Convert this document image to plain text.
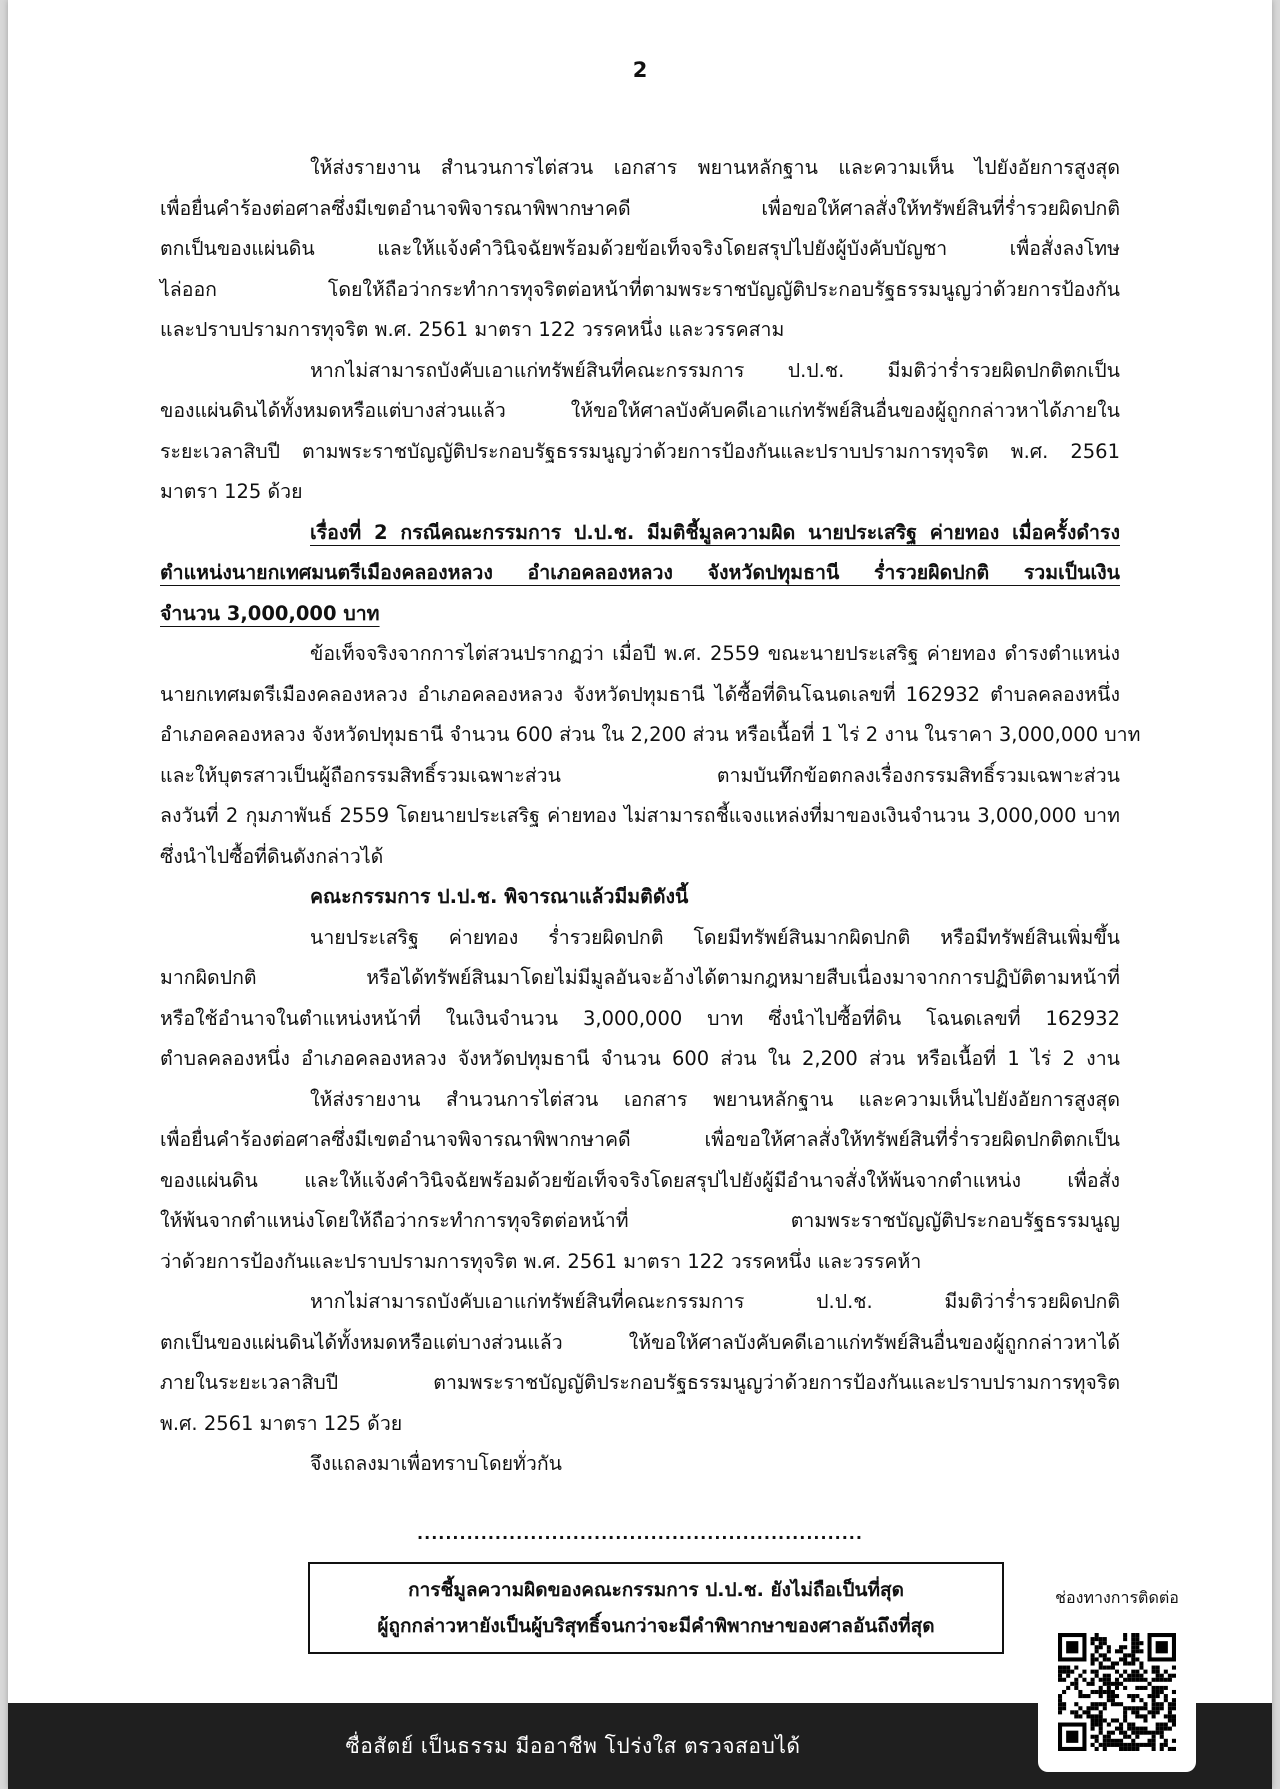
2

ให้ส่งรายงาน สำนวนการไต่สวน เอกสาร พยานหลักฐาน และความเห็น ไปยังอัยการสูงสุด
เพื่อยื่นคำร้องต่อศาลซึ่งมีเขตอำนาจพิจารณาพิพากษาคดี เพื่อขอให้ศาลสั่งให้ทรัพย์สินที่ร่ำรวยผิดปกติ
ตกเป็นของแผ่นดิน และให้แจ้งคำวินิจฉัยพร้อมด้วยข้อเท็จจริงโดยสรุปไปยังผู้บังคับบัญชา เพื่อสั่งลงโทษ
ไล่ออก โดยให้ถือว่ากระทำการทุจริตต่อหน้าที่ตามพระราชบัญญัติประกอบรัฐธรรมนูญว่าด้วยการป้องกัน
และปราบปรามการทุจริต พ.ศ. 2561 มาตรา 122 วรรคหนึ่ง และวรรคสาม

หากไม่สามารถบังคับเอาแก่ทรัพย์สินที่คณะกรรมการ ป.ป.ช. มีมติว่าร่ำรวยผิดปกติตกเป็น
ของแผ่นดินได้ทั้งหมดหรือแต่บางส่วนแล้ว ให้ขอให้ศาลบังคับคดีเอาแก่ทรัพย์สินอื่นของผู้ถูกกล่าวหาได้ภายใน
ระยะเวลาสิบปี ตามพระราชบัญญัติประกอบรัฐธรรมนูญว่าด้วยการป้องกันและปราบปรามการทุจริต พ.ศ. 2561
มาตรา 125 ด้วย

เรื่องที่ 2 กรณีคณะกรรมการ ป.ป.ช. มีมติชี้มูลความผิด นายประเสริฐ ค่ายทอง เมื่อครั้งดำรง
ตำแหน่งนายกเทศมนตรีเมืองคลองหลวง อำเภอคลองหลวง จังหวัดปทุมธานี ร่ำรวยผิดปกติ รวมเป็นเงิน
จำนวน 3,000,000 บาท

ข้อเท็จจริงจากการไต่สวนปรากฏว่า เมื่อปี พ.ศ. 2559 ขณะนายประเสริฐ ค่ายทอง ดำรงตำแหน่ง
นายกเทศมตรีเมืองคลองหลวง อำเภอคลองหลวง จังหวัดปทุมธานี ได้ซื้อที่ดินโฉนดเลขที่ 162932 ตำบลคลองหนึ่ง
อำเภอคลองหลวง จังหวัดปทุมธานี จำนวน 600 ส่วน ใน 2,200 ส่วน หรือเนื้อที่ 1 ไร่ 2 งาน ในราคา 3,000,000 บาท
และให้บุตรสาวเป็นผู้ถือกรรมสิทธิ์รวมเฉพาะส่วน ตามบันทึกข้อตกลงเรื่องกรรมสิทธิ์รวมเฉพาะส่วน
ลงวันที่ 2 กุมภาพันธ์ 2559 โดยนายประเสริฐ ค่ายทอง ไม่สามารถชี้แจงแหล่งที่มาของเงินจำนวน 3,000,000 บาท
ซึ่งนำไปซื้อที่ดินดังกล่าวได้

คณะกรรมการ ป.ป.ช. พิจารณาแล้วมีมติดังนี้

นายประเสริฐ ค่ายทอง ร่ำรวยผิดปกติ โดยมีทรัพย์สินมากผิดปกติ หรือมีทรัพย์สินเพิ่มขึ้น
มากผิดปกติ หรือได้ทรัพย์สินมาโดยไม่มีมูลอันจะอ้างได้ตามกฎหมายสืบเนื่องมาจากการปฏิบัติตามหน้าที่
หรือใช้อำนาจในตำแหน่งหน้าที่ ในเงินจำนวน 3,000,000 บาท ซึ่งนำไปซื้อที่ดิน โฉนดเลขที่ 162932
ตำบลคลองหนึ่ง อำเภอคลองหลวง จังหวัดปทุมธานี จำนวน 600 ส่วน ใน 2,200 ส่วน หรือเนื้อที่ 1 ไร่ 2 งาน

ให้ส่งรายงาน สำนวนการไต่สวน เอกสาร พยานหลักฐาน และความเห็นไปยังอัยการสูงสุด
เพื่อยื่นคำร้องต่อศาลซึ่งมีเขตอำนาจพิจารณาพิพากษาคดี เพื่อขอให้ศาลสั่งให้ทรัพย์สินที่ร่ำรวยผิดปกติตกเป็น
ของแผ่นดิน และให้แจ้งคำวินิจฉัยพร้อมด้วยข้อเท็จจริงโดยสรุปไปยังผู้มีอำนาจสั่งให้พ้นจากตำแหน่ง เพื่อสั่ง
ให้พ้นจากตำแหน่งโดยให้ถือว่ากระทำการทุจริตต่อหน้าที่ ตามพระราชบัญญัติประกอบรัฐธรรมนูญ
ว่าด้วยการป้องกันและปราบปรามการทุจริต พ.ศ. 2561 มาตรา 122 วรรคหนึ่ง และวรรคห้า

หากไม่สามารถบังคับเอาแก่ทรัพย์สินที่คณะกรรมการ ป.ป.ช. มีมติว่าร่ำรวยผิดปกติ
ตกเป็นของแผ่นดินได้ทั้งหมดหรือแต่บางส่วนแล้ว ให้ขอให้ศาลบังคับคดีเอาแก่ทรัพย์สินอื่นของผู้ถูกกล่าวหาได้
ภายในระยะเวลาสิบปี ตามพระราชบัญญัติประกอบรัฐธรรมนูญว่าด้วยการป้องกันและปราบปรามการทุจริต
พ.ศ. 2561 มาตรา 125 ด้วย

จึงแถลงมาเพื่อทราบโดยทั่วกัน

...............................................................
การชี้มูลความผิดของคณะกรรมการ ป.ป.ช. ยังไม่ถือเป็นที่สุด
ผู้ถูกกล่าวหายังเป็นผู้บริสุทธิ์จนกว่าจะมีคำพิพากษาของศาลอันถึงที่สุด
ช่องทางการติดต่อ
ซื่อสัตย์ เป็นธรรม มีออาชีพ โปร่งใส ตรวจสอบได้
